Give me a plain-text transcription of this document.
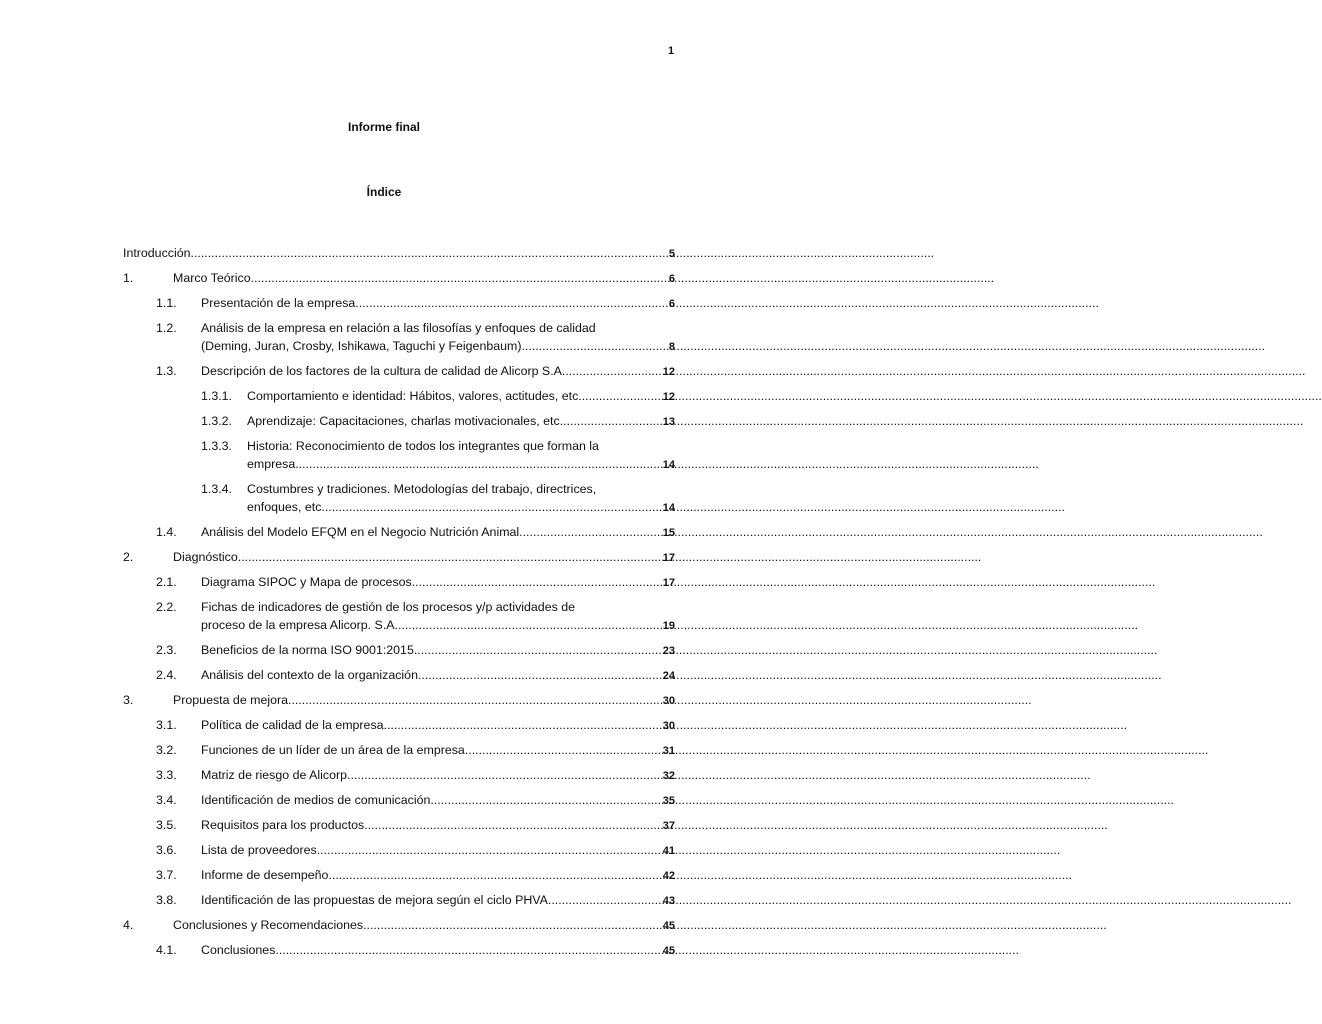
1
Informe final
Índice
Introducción .....	5
1.	Marco Teórico .....	6
1.1.	Presentación de la empresa .....	6
1.2.	Análisis de la empresa en relación a las filosofías y enfoques de calidad
(Deming, Juran, Crosby, Ishikawa, Taguchi y Feigenbaum) .....	8
1.3.	Descripción de los factores de la cultura de calidad de Alicorp S.A .....	12
1.3.1.	Comportamiento e identidad: Hábitos, valores, actitudes, etc .....	12
1.3.2.	Aprendizaje: Capacitaciones, charlas motivacionales, etc .....	13
1.3.3.	Historia: Reconocimiento de todos los integrantes que forman la
empresa .....	14
1.3.4.	Costumbres y tradiciones. Metodologías del trabajo, directrices,
enfoques, etc .....	14
1.4.	Análisis del Modelo EFQM en el Negocio Nutrición Animal .....	15
2.	Diagnóstico .....	17
2.1.	Diagrama SIPOC y Mapa de procesos .....	17
2.2.	Fichas de indicadores de gestión de los procesos y/p actividades de
proceso de la empresa Alicorp. S.A .....	19
2.3.	Beneficios de la norma ISO 9001:2015 .....	23
2.4.	Análisis del contexto de la organización .....	24
3.	Propuesta de mejora .....	30
3.1.	Política de calidad de la empresa .....	30
3.2.	Funciones de un líder de un área de la empresa .....	31
3.3.	Matriz de riesgo de Alicorp .....	32
3.4.	Identificación de medios de comunicación .....	35
3.5.	Requisitos para los productos .....	37
3.6.	Lista de proveedores .....	41
3.7.	Informe de desempeño .....	42
3.8.	Identificación de las propuestas de mejora según el ciclo PHVA .....	43
4.	Conclusiones y Recomendaciones .....	45
4.1.	Conclusiones .....	45
